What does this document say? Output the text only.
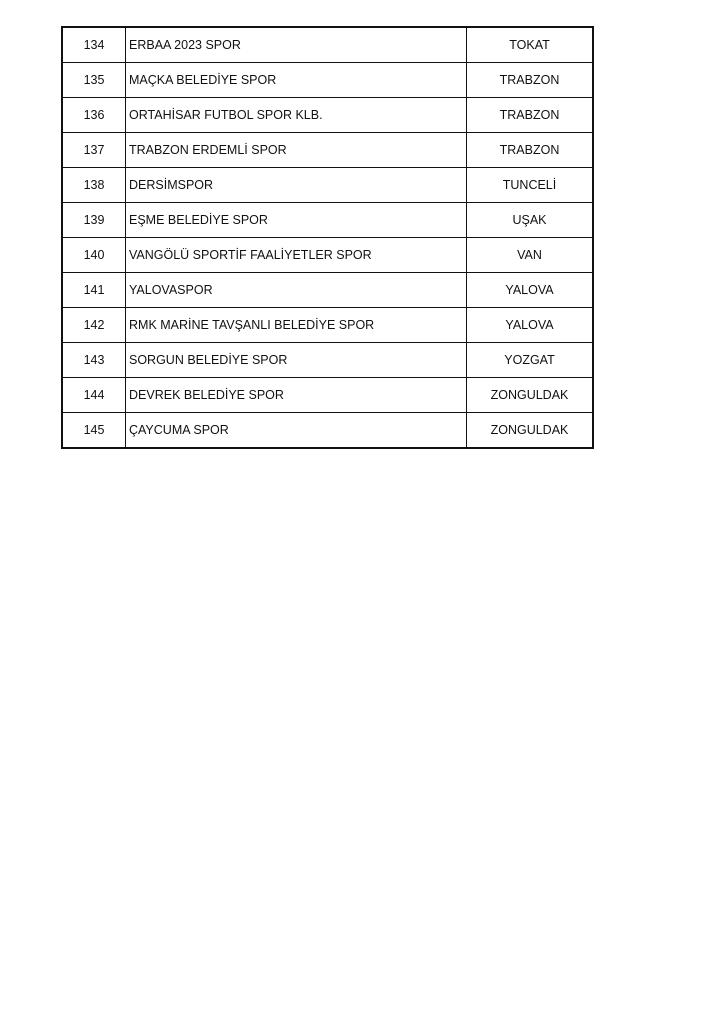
134	ERBAA 2023 SPOR	TOKAT
135	MAÇKA BELEDİYE SPOR	TRABZON
136	ORTAHİSAR FUTBOL SPOR KLB.	TRABZON
137	TRABZON ERDEMLİ SPOR	TRABZON
138	DERSİMSPOR	TUNCELİ
139	EŞME BELEDİYE SPOR	UŞAK
140	VANGÖLÜ SPORTİF FAALİYETLER SPOR	VAN
141	YALOVASPOR	YALOVA
142	RMK MARİNE TAVŞANLI BELEDİYE SPOR	YALOVA
143	SORGUN BELEDİYE SPOR	YOZGAT
144	DEVREK BELEDİYE SPOR	ZONGULDAK
145	ÇAYCUMA SPOR	ZONGULDAK
